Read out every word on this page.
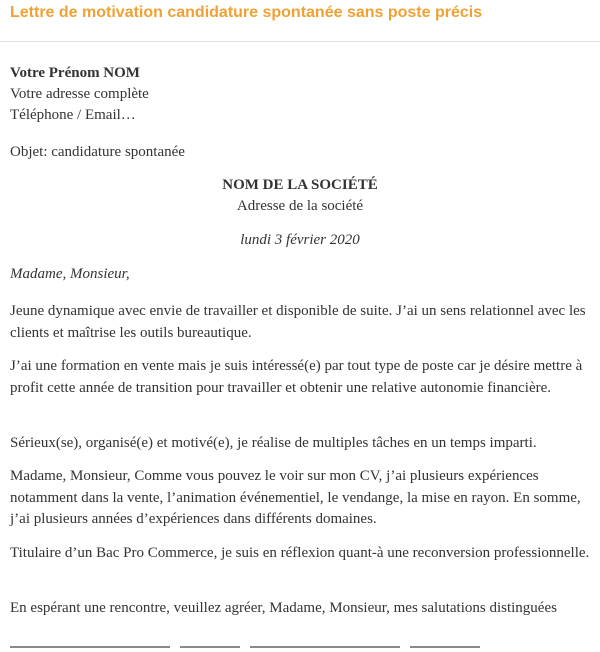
Lettre de motivation candidature spontanée sans poste précis
Votre Prénom NOM
Votre adresse complète
Téléphone / Email…
Objet: candidature spontanée
NOM DE LA SOCIÉTÉ
Adresse de la société
lundi 3 février 2020
Madame, Monsieur,
Jeune dynamique avec envie de travailler et disponible de suite. J’ai un sens relationnel avec les clients et maîtrise les outils bureautique.
J’ai une formation en vente mais je suis intéressé(e) par tout type de poste car je désire mettre à profit cette année de transition pour travailler et obtenir une relative autonomie financière.
Sérieux(se), organisé(e) et motivé(e), je réalise de multiples tâches en un temps imparti.
Madame, Monsieur, Comme vous pouvez le voir sur mon CV, j’ai plusieurs expériences notamment dans la vente, l’animation événementiel, le vendange, la mise en rayon. En somme, j’ai plusieurs années d’expériences dans différents domaines.
Titulaire d’un Bac Pro Commerce, je suis en réflexion quant-à une reconversion professionnelle.
En espérant une rencontre, veuillez agréer, Madame, Monsieur, mes salutations distinguées
